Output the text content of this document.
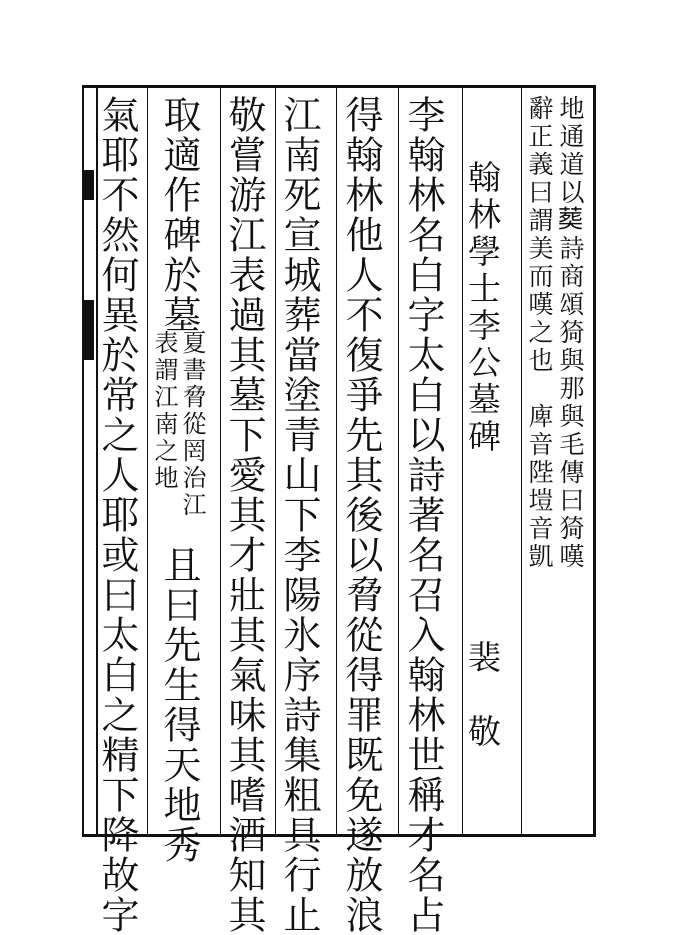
地通道以𦵏詩商頌猗與那與毛傳曰猗嘆
辭正義曰謂美而嘆之也　庳音陛塏音凱
翰林學士李公墓碑
裴　敬
李翰林名白字太白以詩著名召入翰林世稱才名占
得翰林他人不復爭先其後以脅從得罪既免遂放浪
江南死宣城葬當塗青山下李陽氷序詩集粗具行止
敬嘗游江表過其墓下愛其才壯其氣味其嗜酒知其
取適作碑於墓
夏書脅從罔治江
表謂江南之地
且曰先生得天地秀
氣耶不然何異於常之人耶或曰太白之精下降故字
